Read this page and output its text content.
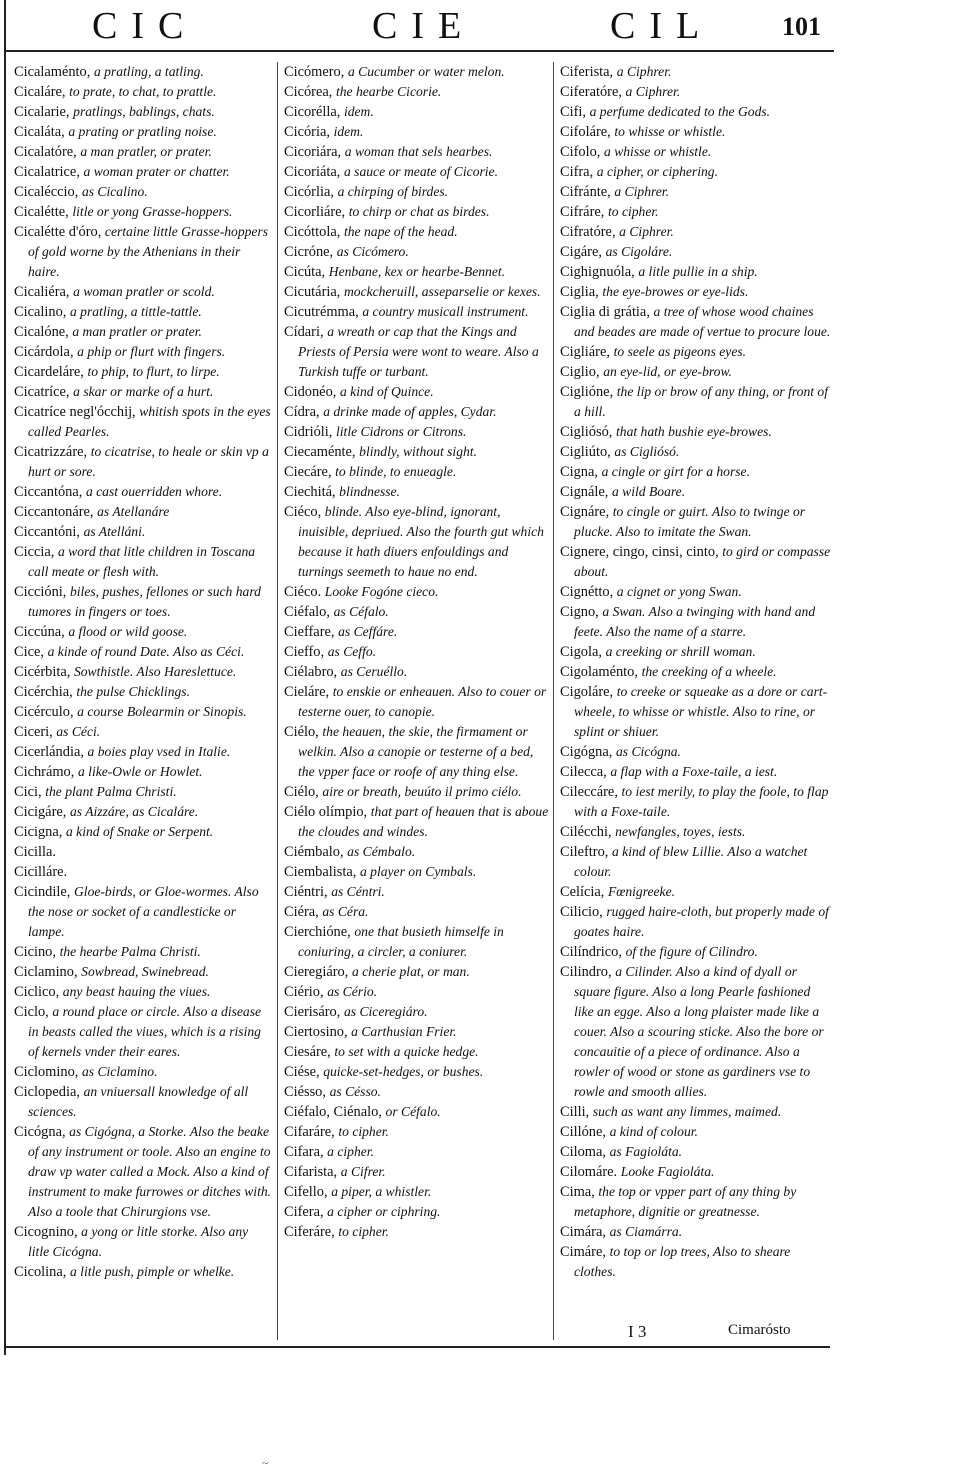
CIC	CIE	CIL	101

Cicalaménto, a pratling, a tatling.

Cicaláre, to prate, to chat, to prattle.

Cicalarie, pratlings, bablings, chats.

Cicaláta, a prating or pratling noise.

Cicalatóre, a man pratler, or prater.

Cicalatrice, a woman prater or chatter.

Cicaléccio, as Cicalino.

Cicalétte, litle or yong Grasse-hoppers.

Cicalétte d'óro, certaine little Grasse-hoppers of gold worne by the Athenians in their haire.

Cicaliéra, a woman pratler or scold.

Cicalino, a pratling, a tittle-tattle.

Cicalóne, a man pratler or prater.

Cicárdola, a phip or flurt with fingers.

Cicardeláre, to phip, to flurt, to lirpe.

Cicatríce, a skar or marke of a hurt.

Cicatríce negl'ócchij, whitish spots in the eyes called Pearles.

Cicatrizzáre, to cicatrise, to heale or skin vp a hurt or sore.

Ciccantóna, a cast ouerridden whore.

Ciccantonáre, as Atellanáre

Ciccantóni, as Atelláni.

Ciccia, a word that litle children in Toscana call meate or flesh with.

Ciccióni, biles, pushes, fellones or such hard tumores in fingers or toes.

Ciccúna, a flood or wild goose.

Cice, a kinde of round Date. Also as Céci.

Cicérbita, Sowthistle. Also Hareslettuce.

Cicérchia, the pulse Chicklings.

Cicérculo, a course Bolearmin or Sinopis.

Ciceri, as Céci.

Cicerlándia, a boies play vsed in Italie.

Cichrámo, a like-Owle or Howlet.

Cici, the plant Palma Christi.

Cicigáre, as Aizzáre, as Cicaláre.

Cicigna, a kind of Snake or Serpent.

Cicilla.

Cicilláre.

Cicindile, Gloe-birds, or Gloe-wormes. Also the nose or socket of a candlesticke or lampe.

Cicino, the hearbe Palma Christi.

Ciclamino, Sowbread, Swinebread.

Ciclico, any beast hauing the viues.

Ciclo, a round place or circle. Also a disease in beasts called the viues, which is a rising of kernels vnder their eares.

Ciclomino, as Ciclamino.

Ciclopedia, an vniuersall knowledge of all sciences.

Cicógna, as Cigógna, a Storke. Also the beake of any instrument or toole. Also an engine to draw vp water called a Mock. Also a kind of instrument to make furrowes or ditches with. Also a toole that Chirurgions vse.

Cicognino, a yong or litle storke. Also any litle Cicógna.

Cicolina, a litle push, pimple or whelke.

Cicómero, a Cucumber or water melon.

Cicórea, the hearbe Cicorie.

Cicorélla, idem.

Cicória, idem.

Cicoriára, a woman that sels hearbes.

Cicoriáta, a sauce or meate of Cicorie.

Cicórlia, a chirping of birdes.

Cicorliáre, to chirp or chat as birdes.

Cicóttola, the nape of the head.

Cicróne, as Cicómero.

Cicúta, Henbane, kex or hearbe-Bennet.

Cicutária, mockcheruill, asseparselie or kexes.

Cicutrémma, a country musicall instrument.

Cídari, a wreath or cap that the Kings and Priests of Persia were wont to weare. Also a Turkish tuffe or turbant.

Cidonéo, a kind of Quince.

Cídra, a drinke made of apples, Cydar.

Cidrióli, litle Cidrons or Citrons.

Ciecaménte, blindly, without sight.

Ciecáre, to blinde, to enueagle.

Ciechitá, blindnesse.

Ciéco, blinde. Also eye-blind, ignorant, inuisible, depriued. Also the fourth gut which because it hath diuers enfouldings and turnings seemeth to haue no end.

Ciéco. Looke Fogóne cieco.

Ciéfalo, as Céfalo.

Cieffare, as Ceffáre.

Cieffo, as Ceffo.

Ciélabro, as Ceruéllo.

Cieláre, to enskie or enheauen. Also to couer or testerne ouer, to canopie.

Ciélo, the heauen, the skie, the firmament or welkin. Also a canopie or testerne of a bed, the vpper face or roofe of any thing else.

Ciélo, aire or breath, beuúto il primo ciélo.

Ciélo olímpio, that part of heauen that is aboue the cloudes and windes.

Ciémbalo, as Cémbalo.

Ciembalista, a player on Cymbals.

Ciéntri, as Céntri.

Ciéra, as Céra.

Cierchióne, one that busieth himselfe in coniuring, a circler, a coniurer.

Cieregiáro, a cherie plat, or man.

Ciério, as Cério.

Cierisáro, as Ciceregiáro.

Ciertosino, a Carthusian Frier.

Ciesáre, to set with a quicke hedge.

Ciése, quicke-set-hedges, or bushes.

Ciésso, as Césso.

Ciéfalo, Ciénalo, or Céfalo.

Cifaráre, to cipher.

Cifara, a cipher.

Cifarista, a Cifrer.

Cifello, a piper, a whistler.

Cifera, a cipher or ciphring.

Ciferáre, to cipher.

Ciferista, a Ciphrer.

Ciferatóre, a Ciphrer.

Cifi, a perfume dedicated to the Gods.

Cifoláre, to whisse or whistle.

Cifolo, a whisse or whistle.

Cifra, a cipher, or ciphering.

Cifránte, a Ciphrer.

Cifráre, to cipher.

Cifratóre, a Ciphrer.

Cigáre, as Cigoláre.

Cighignuóla, a litle pullie in a ship.

Ciglia, the eye-browes or eye-lids.

Ciglia di grátia, a tree of whose wood chaines and beades are made of vertue to procure loue.

Cigliáre, to seele as pigeons eyes.

Ciglio, an eye-lid, or eye-brow.

Ciglióne, the lip or brow of any thing, or front of a hill.

Cigliósó, that hath bushie eye-browes.

Cigliúto, as Cigliósó.

Cigna, a cingle or girt for a horse.

Cignále, a wild Boare.

Cignáre, to cingle or guirt. Also to twinge or plucke. Also to imitate the Swan.

Cignere, cingo, cinsi, cinto, to gird or compasse about.

Cignétto, a cignet or yong Swan.

Cigno, a Swan. Also a twinging with hand and feete. Also the name of a starre.

Cigola, a creeking or shrill woman.

Cigolaménto, the creeking of a wheele.

Cigoláre, to creeke or squeake as a dore or cart-wheele, to whisse or whistle. Also to rine, or splint or shiuer.

Cigógna, as Cicógna.

Cilecca, a flap with a Foxe-taile, a iest.

Cileccáre, to iest merily, to play the foole, to flap with a Foxe-taile.

Cilécchi, newfangles, toyes, iests.

Cileftro, a kind of blew Lillie. Also a watchet colour.

Celícia, Fœnigreeke.

Cilicio, rugged haire-cloth, but properly made of goates haire.

Cilíndrico, of the figure of Cilindro.

Cilindro, a Cilinder. Also a kind of dyall or square figure. Also a long Pearle fashioned like an egge. Also a long plaister made like a couer. Also a scouring sticke. Also the bore or concauitie of a piece of ordinance. Also a rowler of wood or stone as gardiners vse to rowle and smooth allies.

Cilli, such as want any limmes, maimed.

Cillóne, a kind of colour.

Ciloma, as Fagioláta.

Cilomáre. Looke Fagioláta.

Cima, the top or vpper part of any thing by metaphore, dignitie or greatnesse.

Cimára, as Ciamárra.

Cimáre, to top or lop trees, Also to sheare clothes.

I 3	Cimarósto
~
